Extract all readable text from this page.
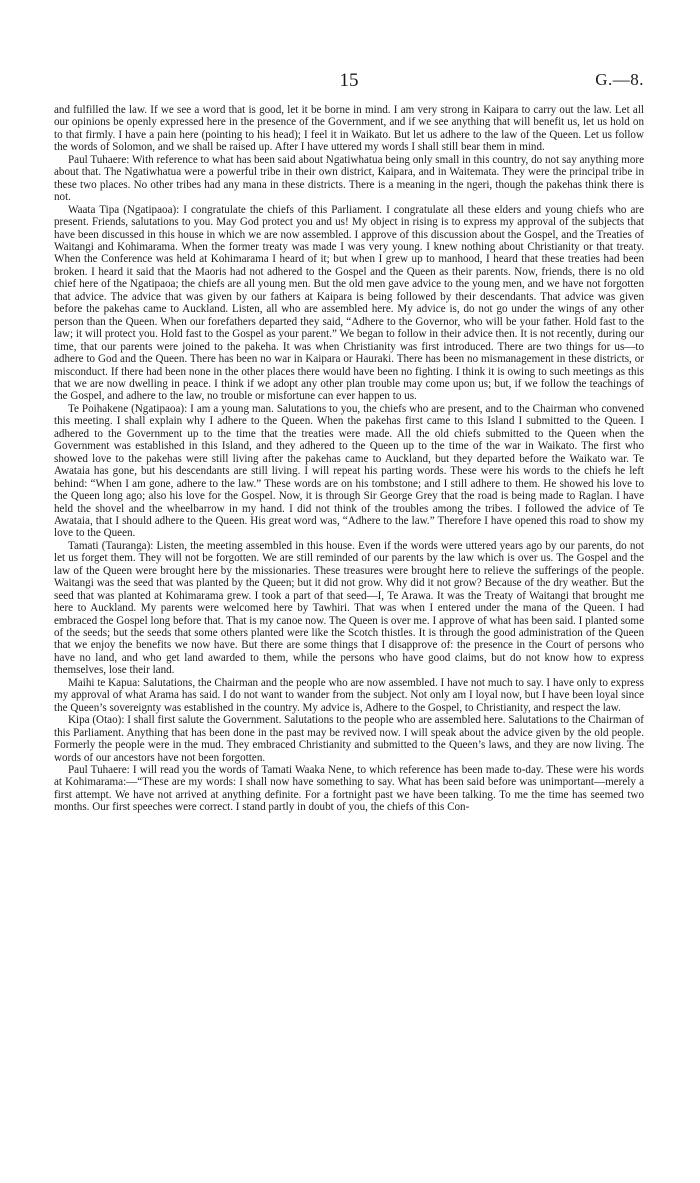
15	G.—8.

and fulfilled the law. If we see a word that is good, let it be borne in mind. I am very strong in Kaipara to carry out the law. Let all our opinions be openly expressed here in the presence of the Government, and if we see anything that will benefit us, let us hold on to that firmly. I have a pain here (pointing to his head); I feel it in Waikato. But let us adhere to the law of the Queen. Let us follow the words of Solomon, and we shall be raised up. After I have uttered my words I shall still bear them in mind.

Paul Tuhaere: With reference to what has been said about Ngatiwhatua being only small in this country, do not say anything more about that. The Ngatiwhatua were a powerful tribe in their own district, Kaipara, and in Waitemata. They were the principal tribe in these two places. No other tribes had any mana in these districts. There is a meaning in the ngeri, though the pakehas think there is not.

Waata Tipa (Ngatipaoa): I congratulate the chiefs of this Parliament. I congratulate all these elders and young chiefs who are present. Friends, salutations to you. May God protect you and us! My object in rising is to express my approval of the subjects that have been discussed in this house in which we are now assembled. I approve of this discussion about the Gospel, and the Treaties of Waitangi and Kohimarama. When the former treaty was made I was very young. I knew nothing about Christianity or that treaty. When the Conference was held at Kohimarama I heard of it; but when I grew up to manhood, I heard that these treaties had been broken. I heard it said that the Maoris had not adhered to the Gospel and the Queen as their parents. Now, friends, there is no old chief here of the Ngatipaoa; the chiefs are all young men. But the old men gave advice to the young men, and we have not forgotten that advice. The advice that was given by our fathers at Kaipara is being followed by their descendants. That advice was given before the pakehas came to Auckland. Listen, all who are assembled here. My advice is, do not go under the wings of any other person than the Queen. When our forefathers departed they said, “Adhere to the Governor, who will be your father. Hold fast to the law; it will protect you. Hold fast to the Gospel as your parent.” We began to follow in their advice then. It is not recently, during our time, that our parents were joined to the pakeha. It was when Christianity was first introduced. There are two things for us—to adhere to God and the Queen. There has been no war in Kaipara or Hauraki. There has been no mismanagement in these districts, or misconduct. If there had been none in the other places there would have been no fighting. I think it is owing to such meetings as this that we are now dwelling in peace. I think if we adopt any other plan trouble may come upon us; but, if we follow the teachings of the Gospel, and adhere to the law, no trouble or misfortune can ever happen to us.

Te Poihakene (Ngatipaoa): I am a young man. Salutations to you, the chiefs who are present, and to the Chairman who convened this meeting. I shall explain why I adhere to the Queen. When the pakehas first came to this Island I submitted to the Queen. I adhered to the Government up to the time that the treaties were made. All the old chiefs submitted to the Queen when the Government was established in this Island, and they adhered to the Queen up to the time of the war in Waikato. The first who showed love to the pakehas were still living after the pakehas came to Auckland, but they departed before the Waikato war. Te Awataia has gone, but his descendants are still living. I will repeat his parting words. These were his words to the chiefs he left behind: “When I am gone, adhere to the law.” These words are on his tombstone; and I still adhere to them. He showed his love to the Queen long ago; also his love for the Gospel. Now, it is through Sir George Grey that the road is being made to Raglan. I have held the shovel and the wheelbarrow in my hand. I did not think of the troubles among the tribes. I followed the advice of Te Awataia, that I should adhere to the Queen. His great word was, “Adhere to the law.” Therefore I have opened this road to show my love to the Queen.

Tamati (Tauranga): Listen, the meeting assembled in this house. Even if the words were uttered years ago by our parents, do not let us forget them. They will not be forgotten. We are still reminded of our parents by the law which is over us. The Gospel and the law of the Queen were brought here by the missionaries. These treasures were brought here to relieve the sufferings of the people. Waitangi was the seed that was planted by the Queen; but it did not grow. Why did it not grow? Because of the dry weather. But the seed that was planted at Kohimarama grew. I took a part of that seed—I, Te Arawa. It was the Treaty of Waitangi that brought me here to Auckland. My parents were welcomed here by Tawhiri. That was when I entered under the mana of the Queen. I had embraced the Gospel long before that. That is my canoe now. The Queen is over me. I approve of what has been said. I planted some of the seeds; but the seeds that some others planted were like the Scotch thistles. It is through the good administration of the Queen that we enjoy the benefits we now have. But there are some things that I disapprove of: the presence in the Court of persons who have no land, and who get land awarded to them, while the persons who have good claims, but do not know how to express themselves, lose their land.

Maihi te Kapua: Salutations, the Chairman and the people who are now assembled. I have not much to say. I have only to express my approval of what Arama has said. I do not want to wander from the subject. Not only am I loyal now, but I have been loyal since the Queen’s sovereignty was established in the country. My advice is, Adhere to the Gospel, to Christianity, and respect the law.

Kipa (Otao): I shall first salute the Government. Salutations to the people who are assembled here. Salutations to the Chairman of this Parliament. Anything that has been done in the past may be revived now. I will speak about the advice given by the old people. Formerly the people were in the mud. They embraced Christianity and submitted to the Queen’s laws, and they are now living. The words of our ancestors have not been forgotten.

Paul Tuhaere: I will read you the words of Tamati Waaka Nene, to which reference has been made to-day. These were his words at Kohimarama:—“These are my words: I shall now have something to say. What has been said before was unimportant—merely a first attempt. We have not arrived at anything definite. For a fortnight past we have been talking. To me the time has seemed two months. Our first speeches were correct. I stand partly in doubt of you, the chiefs of this Con-
